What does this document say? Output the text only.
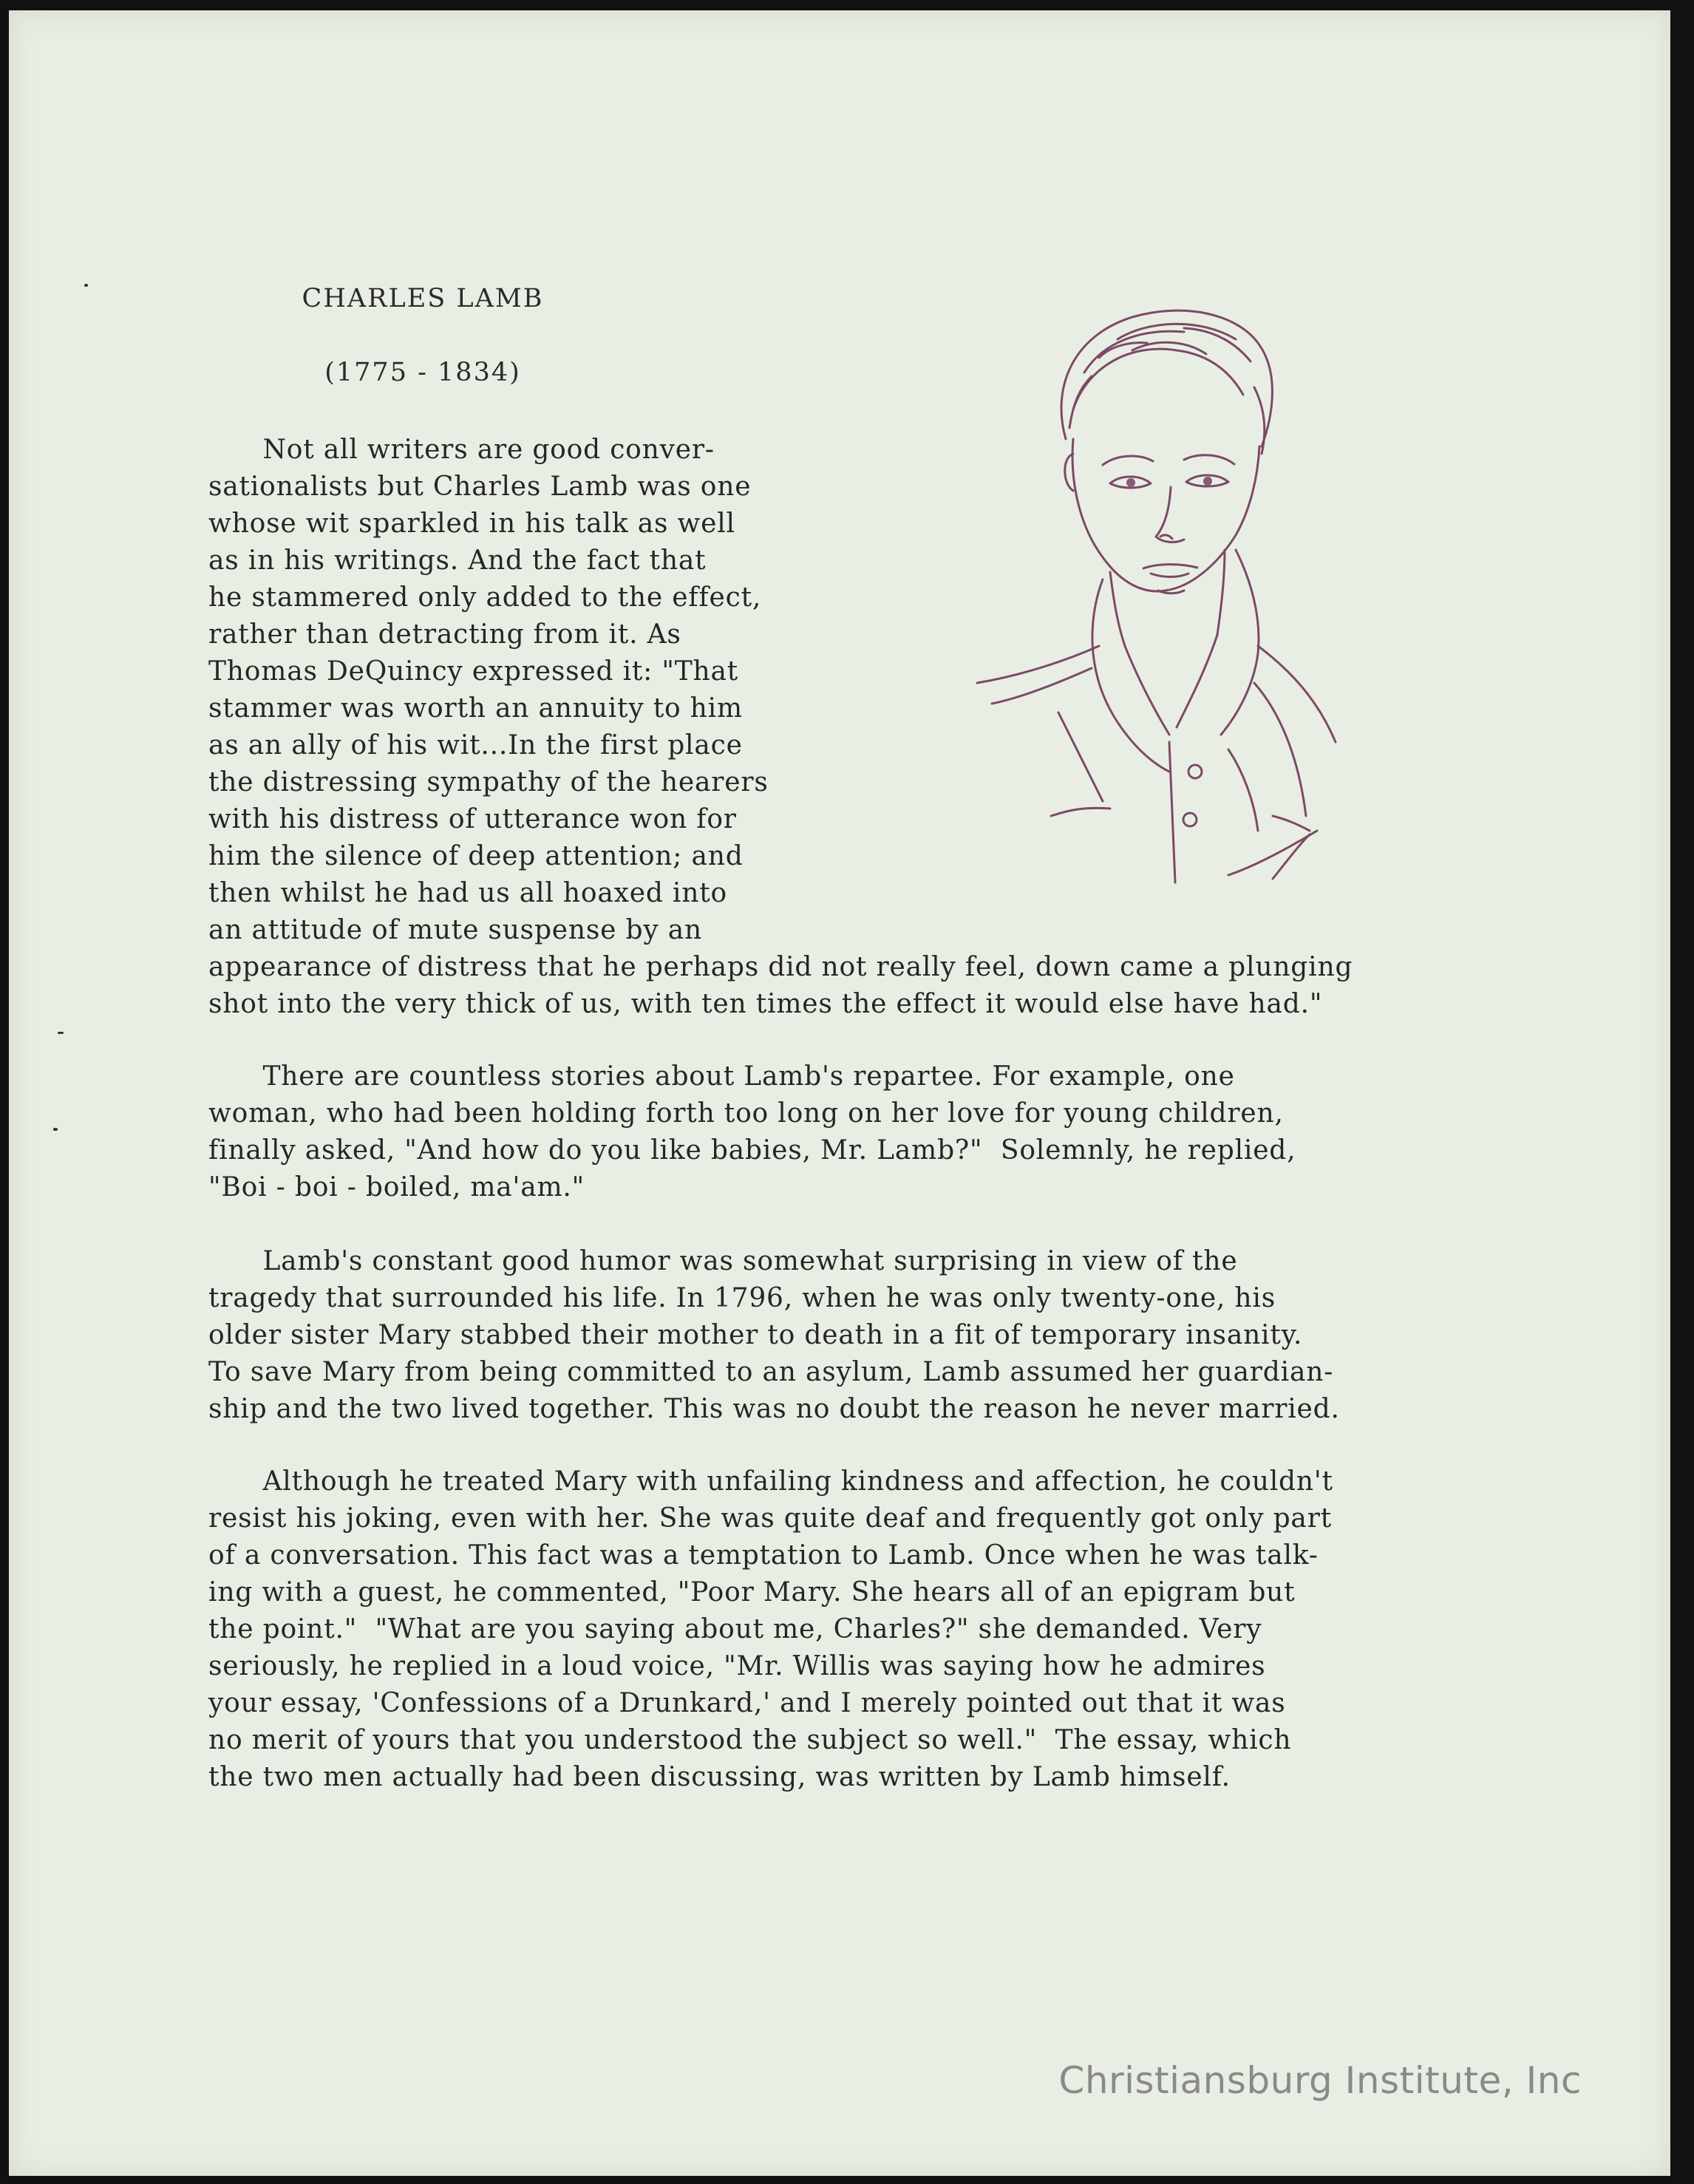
CHARLES LAMB
(1775 - 1834)
Not all writers are good conver-
sationalists but Charles Lamb was one
whose wit sparkled in his talk as well
as in his writings. And the fact that
he stammered only added to the effect,
rather than detracting from it. As
Thomas DeQuincy expressed it: "That
stammer was worth an annuity to him
as an ally of his wit...In the first place
the distressing sympathy of the hearers
with his distress of utterance won for
him the silence of deep attention; and
then whilst he had us all hoaxed into
an attitude of mute suspense by an
appearance of distress that he perhaps did not really feel, down came a plunging
shot into the very thick of us, with ten times the effect it would else have had."
There are countless stories about Lamb's repartee. For example, one
woman, who had been holding forth too long on her love for young children,
finally asked, "And how do you like babies, Mr. Lamb?"  Solemnly, he replied,
"Boi - boi - boiled, ma'am."
Lamb's constant good humor was somewhat surprising in view of the
tragedy that surrounded his life. In 1796, when he was only twenty-one, his
older sister Mary stabbed their mother to death in a fit of temporary insanity.
To save Mary from being committed to an asylum, Lamb assumed her guardian-
ship and the two lived together. This was no doubt the reason he never married.
Although he treated Mary with unfailing kindness and affection, he couldn't
resist his joking, even with her. She was quite deaf and frequently got only part
of a conversation. This fact was a temptation to Lamb. Once when he was talk-
ing with a guest, he commented, "Poor Mary. She hears all of an epigram but
the point."  "What are you saying about me, Charles?" she demanded. Very
seriously, he replied in a loud voice, "Mr. Willis was saying how he admires
your essay, 'Confessions of a Drunkard,' and I merely pointed out that it was
no merit of yours that you understood the subject so well."  The essay, which
the two men actually had been discussing, was written by Lamb himself.
Christiansburg Institute, Inc
